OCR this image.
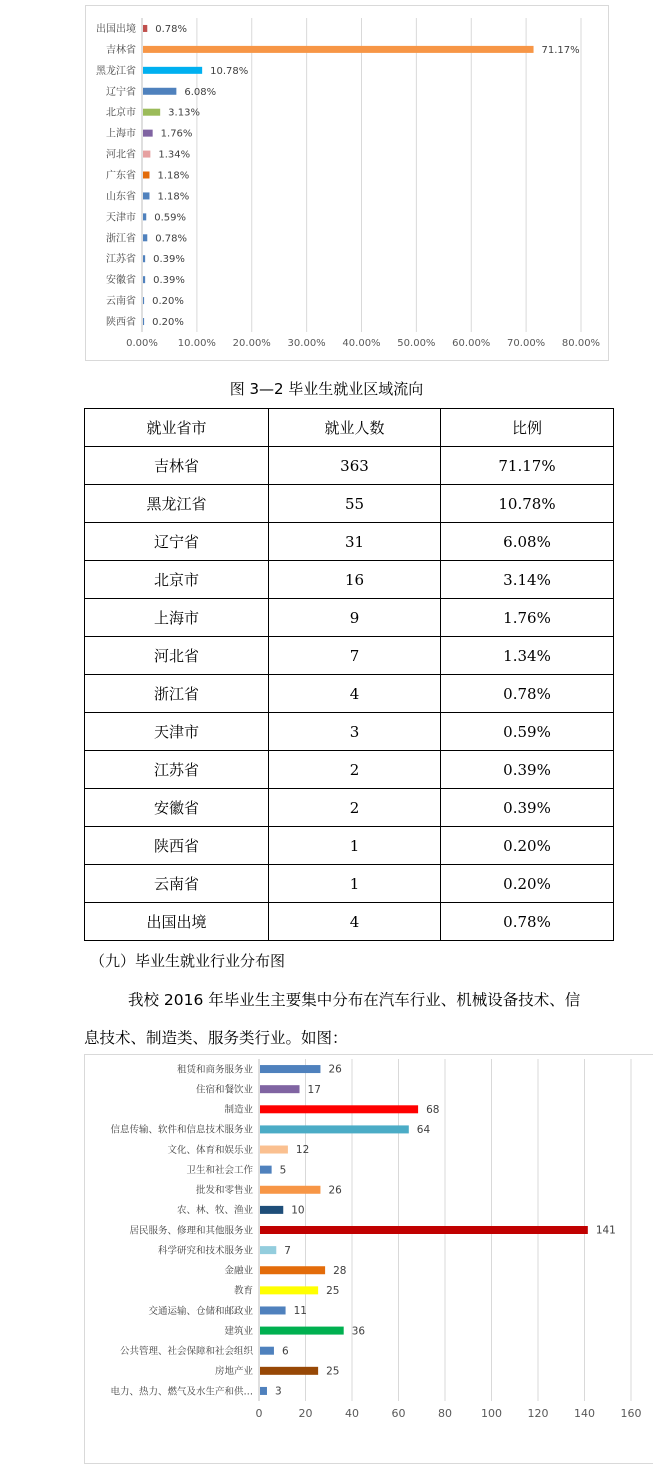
0.00% 10.00% 20.00% 30.00% 40.00% 50.00% 60.00% 70.00% 80.00%
出国出境 0.78%
吉林省	71.17%
黑龙江省	10.78%
辽宁省	6.08%
北京市	3.13%
上海市 1.76%
河北省 1.34%
广东省 1.18%
山东省 1.18%
天津市 0.59%
浙江省 0.78%
江苏省 0.39%
安徽省 0.39%
云南省 0.20%
陕西省 0.20%
图 3—2 毕业生就业区域流向
就业省市	就业人数	比例
吉林省	363	71.17%
黑龙江省	55	10.78%
辽宁省	31	6.08%
北京市	16	3.14%
上海市	9	1.76%
河北省	7	1.34%
浙江省	4	0.78%
天津市	3	0.59%
江苏省	2	0.39%
安徽省	2	0.39%
陕西省	1	0.20%
云南省	1	0.20%
出国出境	4	0.78%
（九）毕业生就业行业分布图
我校 2016 年毕业生主要集中分布在汽车行业、机械设备技术、信
息技术、制造类、服务类行业。如图：
0	20	40	60	80	100 120 140 160
租赁和商务服务业	26
住宿和餐饮业	17
制造业	68
信息传输、软件和信息技术服务业	64
文化、体育和娱乐业	12
卫生和社会工作	5
批发和零售业	26
农、林、牧、渔业	10
居民服务、修理和其他服务业	141
科学研究和技术服务业	7
金融业	28
教育	25
交通运输、仓储和邮政业	11
建筑业	36
公共管理、社会保障和社会组织	6
房地产业	25
电力、热力、燃气及水生产和供… 3
